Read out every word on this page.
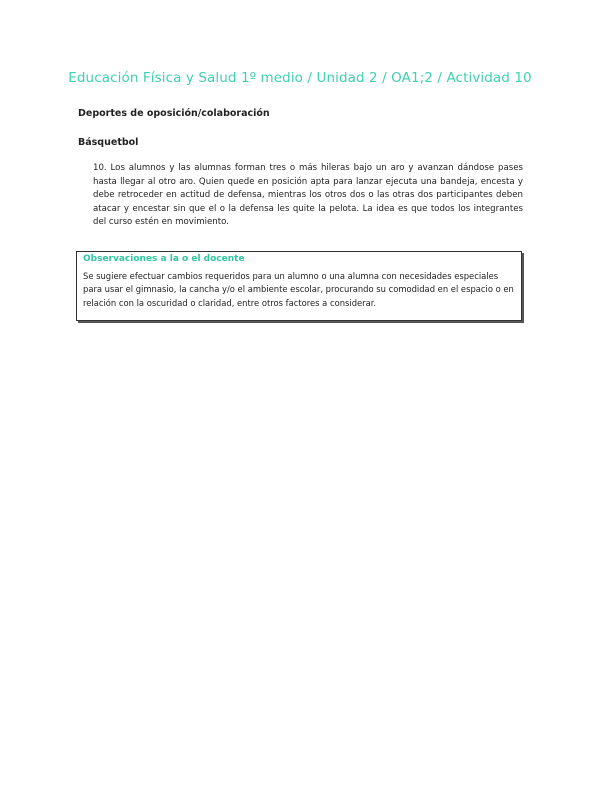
Educación Física y Salud 1º medio / Unidad 2 / OA1;2 / Actividad 10
Deportes de oposición/colaboración
Básquetbol
10. Los alumnos y las alumnas forman tres o más hileras bajo un aro y avanzan dándose pases hasta llegar al otro aro. Quien quede en posición apta para lanzar ejecuta una bandeja, encesta y debe retroceder en actitud de defensa, mientras los otros dos o las otras dos participantes deben atacar y encestar sin que el o la defensa les quite la pelota. La idea es que todos los integrantes del curso estén en movimiento.
Observaciones a la o el docente
Se sugiere efectuar cambios requeridos para un alumno o una alumna con necesidades especiales para usar el gimnasio, la cancha y/o el ambiente escolar, procurando su comodidad en el espacio o en relación con la oscuridad o claridad, entre otros factores a considerar.
